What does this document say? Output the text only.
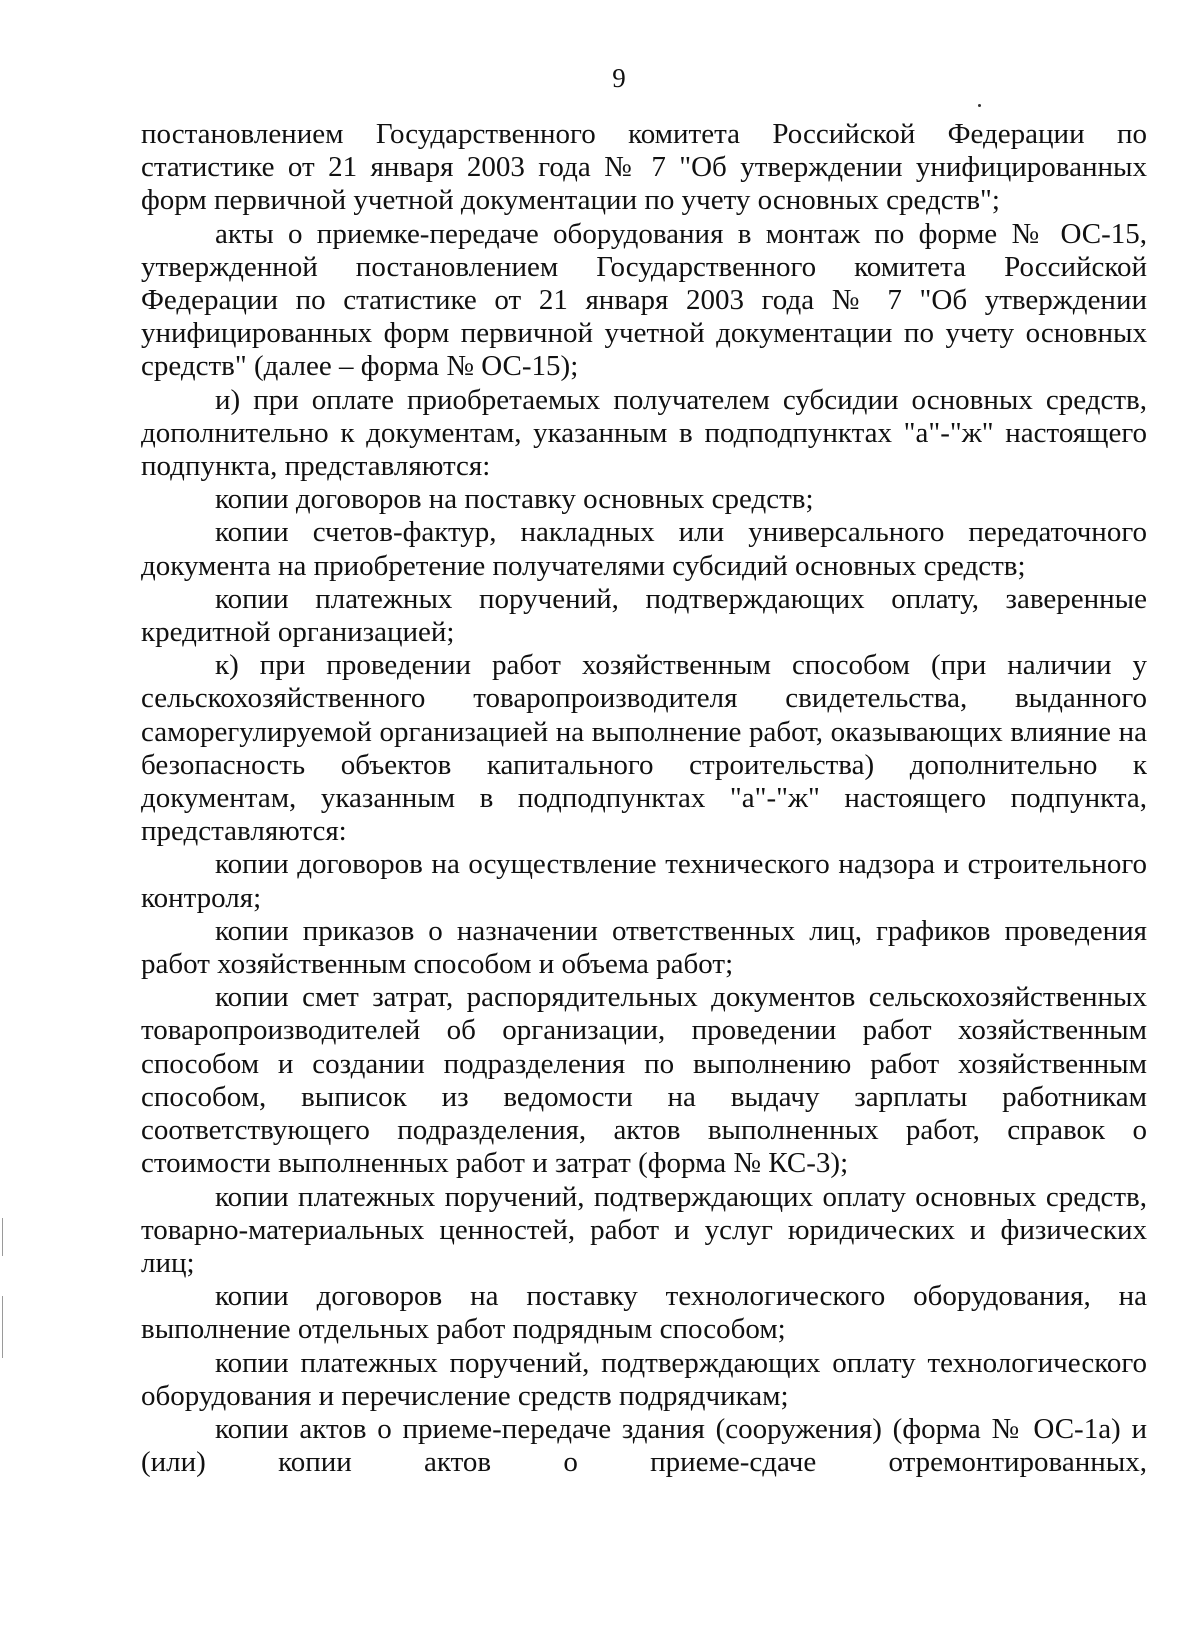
9

постановлением Государственного комитета Российской Федерации по статистике от 21 января 2003 года № 7 "Об утверждении унифицированных форм первичной учетной документации по учету основных средств";

акты о приемке-передаче оборудования в монтаж по форме № ОС-15, утвержденной постановлением Государственного комитета Российской Федерации по статистике от 21 января 2003 года № 7 "Об утверждении унифицированных форм первичной учетной документации по учету основных средств" (далее – форма № ОС-15);

и) при оплате приобретаемых получателем субсидии основных средств, дополнительно к документам, указанным в подподпунктах "а"-"ж" настоящего подпункта, представляются:

копии договоров на поставку основных средств;

копии счетов-фактур, накладных или универсального передаточного документа на приобретение получателями субсидий основных средств;

копии платежных поручений, подтверждающих оплату, заверенные кредитной организацией;

к) при проведении работ хозяйственным способом (при наличии у сельскохозяйственного товаропроизводителя свидетельства, выданного саморегулируемой организацией на выполнение работ, оказывающих влияние на безопасность объектов капитального строительства) дополнительно к документам, указанным в подподпунктах "а"-"ж" настоящего подпункта, представляются:

копии договоров на осуществление технического надзора и строительного контроля;

копии приказов о назначении ответственных лиц, графиков проведения работ хозяйственным способом и объема работ;

копии смет затрат, распорядительных документов сельскохозяйственных товаропроизводителей об организации, проведении работ хозяйственным способом и создании подразделения по выполнению работ хозяйственным способом, выписок из ведомости на выдачу зарплаты работникам соответствующего подразделения, актов выполненных работ, справок о стоимости выполненных работ и затрат (форма № КС-3);

копии платежных поручений, подтверждающих оплату основных средств, товарно-материальных ценностей, работ и услуг юридических и физических лиц;

копии договоров на поставку технологического оборудования, на выполнение отдельных работ подрядным способом;

копии платежных поручений, подтверждающих оплату технологического оборудования и перечисление средств подрядчикам;

копии актов о приеме-передаче здания (сооружения) (форма № ОС-1а) и (или) копии актов о приеме-сдаче отремонтированных,
